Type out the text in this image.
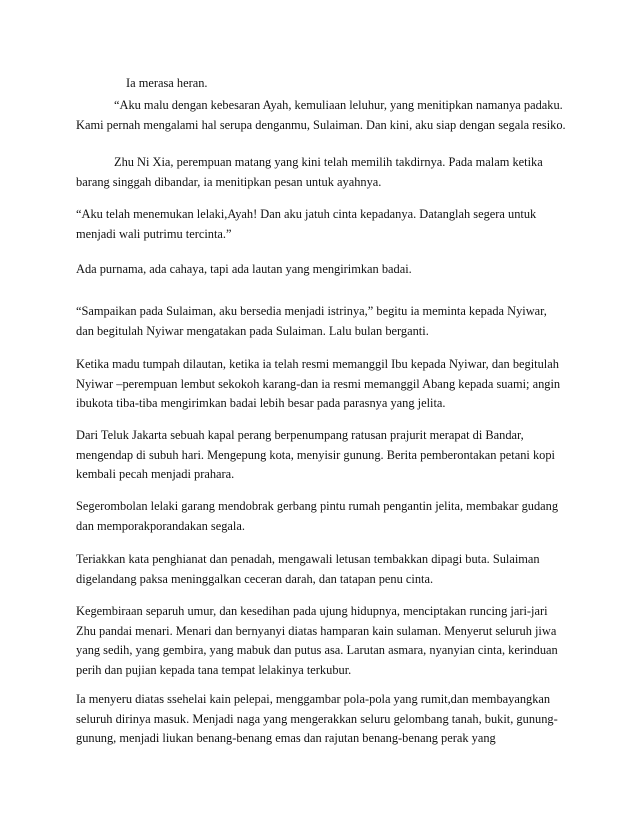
Ia merasa heran.

“Aku malu dengan kebesaran Ayah, kemuliaan leluhur, yang menitipkan namanya padaku. Kami pernah mengalami hal serupa denganmu, Sulaiman. Dan kini, aku siap dengan segala resiko.

Zhu Ni Xia, perempuan matang yang kini telah memilih takdirnya. Pada malam ketika barang singgah dibandar, ia menitipkan pesan untuk ayahnya.

“Aku telah menemukan lelaki,Ayah! Dan aku jatuh cinta kepadanya. Datanglah segera untuk menjadi wali putrimu tercinta.”

Ada purnama, ada cahaya, tapi ada lautan yang mengirimkan badai.

“Sampaikan pada Sulaiman, aku bersedia menjadi istrinya,” begitu ia meminta kepada Nyiwar, dan begitulah Nyiwar mengatakan pada Sulaiman. Lalu bulan berganti.

Ketika madu tumpah dilautan, ketika ia telah resmi memanggil Ibu kepada Nyiwar, dan begitulah Nyiwar –perempuan lembut sekokoh karang-dan ia resmi memanggil Abang kepada suami; angin ibukota tiba-tiba mengirimkan badai lebih besar pada parasnya yang jelita.

Dari Teluk Jakarta sebuah kapal perang berpenumpang ratusan prajurit merapat di Bandar, mengendap di subuh hari. Mengepung kota, menyisir gunung. Berita pemberontakan petani kopi kembali pecah menjadi prahara.

Segerombolan lelaki garang mendobrak gerbang pintu rumah pengantin jelita, membakar gudang dan memporakporandakan segala.

Teriakkan kata penghianat dan penadah, mengawali letusan tembakkan dipagi buta. Sulaiman digelandang paksa meninggalkan ceceran darah, dan tatapan penu cinta.

Kegembiraan separuh umur, dan kesedihan pada ujung hidupnya, menciptakan runcing jari-jari Zhu pandai menari. Menari dan bernyanyi diatas hamparan kain sulaman. Menyerut seluruh jiwa yang sedih, yang gembira, yang mabuk dan putus asa. Larutan asmara, nyanyian cinta, kerinduan perih dan pujian kepada tana tempat lelakinya terkubur.

Ia menyeru diatas ssehelai kain pelepai, menggambar pola-pola yang rumit,dan membayangkan seluruh dirinya masuk. Menjadi naga yang mengerakkan seluru gelombang tanah, bukit, gunung-gunung, menjadi liukan benang-benang emas dan rajutan benang-benang perak yang
